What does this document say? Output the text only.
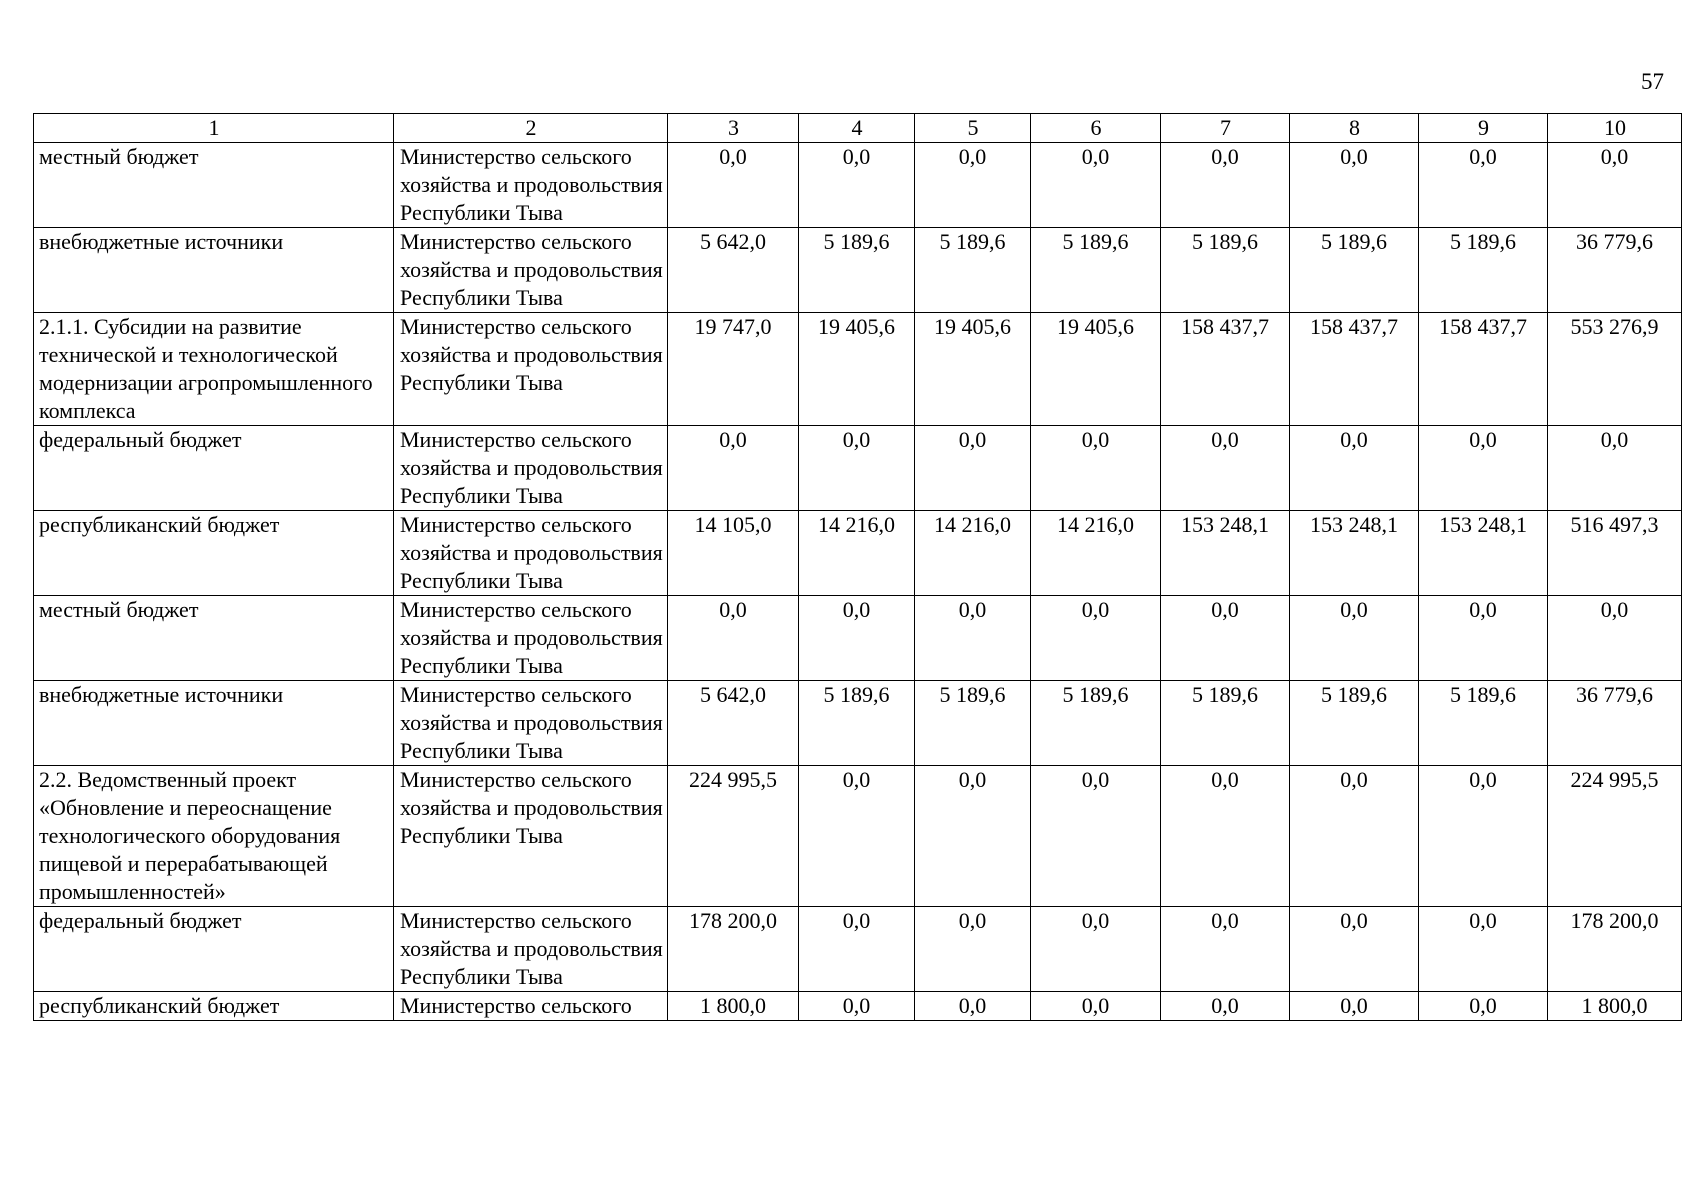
57
1	2	3	4	5	6	7	8	9	10
местный бюджет	Министерство сельского хозяйства и продовольствия Республики Тыва	0,0	0,0	0,0	0,0	0,0	0,0	0,0	0,0
внебюджетные источники	Министерство сельского хозяйства и продовольствия Республики Тыва	5 642,0	5 189,6	5 189,6	5 189,6	5 189,6	5 189,6	5 189,6	36 779,6
2.1.1. Субсидии на развитие технической и технологической модернизации агропромышленного комплекса	Министерство сельского хозяйства и продовольствия Республики Тыва	19 747,0	19 405,6	19 405,6	19 405,6	158 437,7	158 437,7	158 437,7	553 276,9
федеральный бюджет	Министерство сельского хозяйства и продовольствия Республики Тыва	0,0	0,0	0,0	0,0	0,0	0,0	0,0	0,0
республиканский бюджет	Министерство сельского хозяйства и продовольствия Республики Тыва	14 105,0	14 216,0	14 216,0	14 216,0	153 248,1	153 248,1	153 248,1	516 497,3
местный бюджет	Министерство сельского хозяйства и продовольствия Республики Тыва	0,0	0,0	0,0	0,0	0,0	0,0	0,0	0,0
внебюджетные источники	Министерство сельского хозяйства и продовольствия Республики Тыва	5 642,0	5 189,6	5 189,6	5 189,6	5 189,6	5 189,6	5 189,6	36 779,6
2.2. Ведомственный проект «Обновление и переоснащение технологического оборудования пищевой и перерабатывающей промышленностей»	Министерство сельского хозяйства и продовольствия Республики Тыва	224 995,5	0,0	0,0	0,0	0,0	0,0	0,0	224 995,5
федеральный бюджет	Министерство сельского хозяйства и продовольствия Республики Тыва	178 200,0	0,0	0,0	0,0	0,0	0,0	0,0	178 200,0
республиканский бюджет	Министерство сельского	1 800,0	0,0	0,0	0,0	0,0	0,0	0,0	1 800,0
